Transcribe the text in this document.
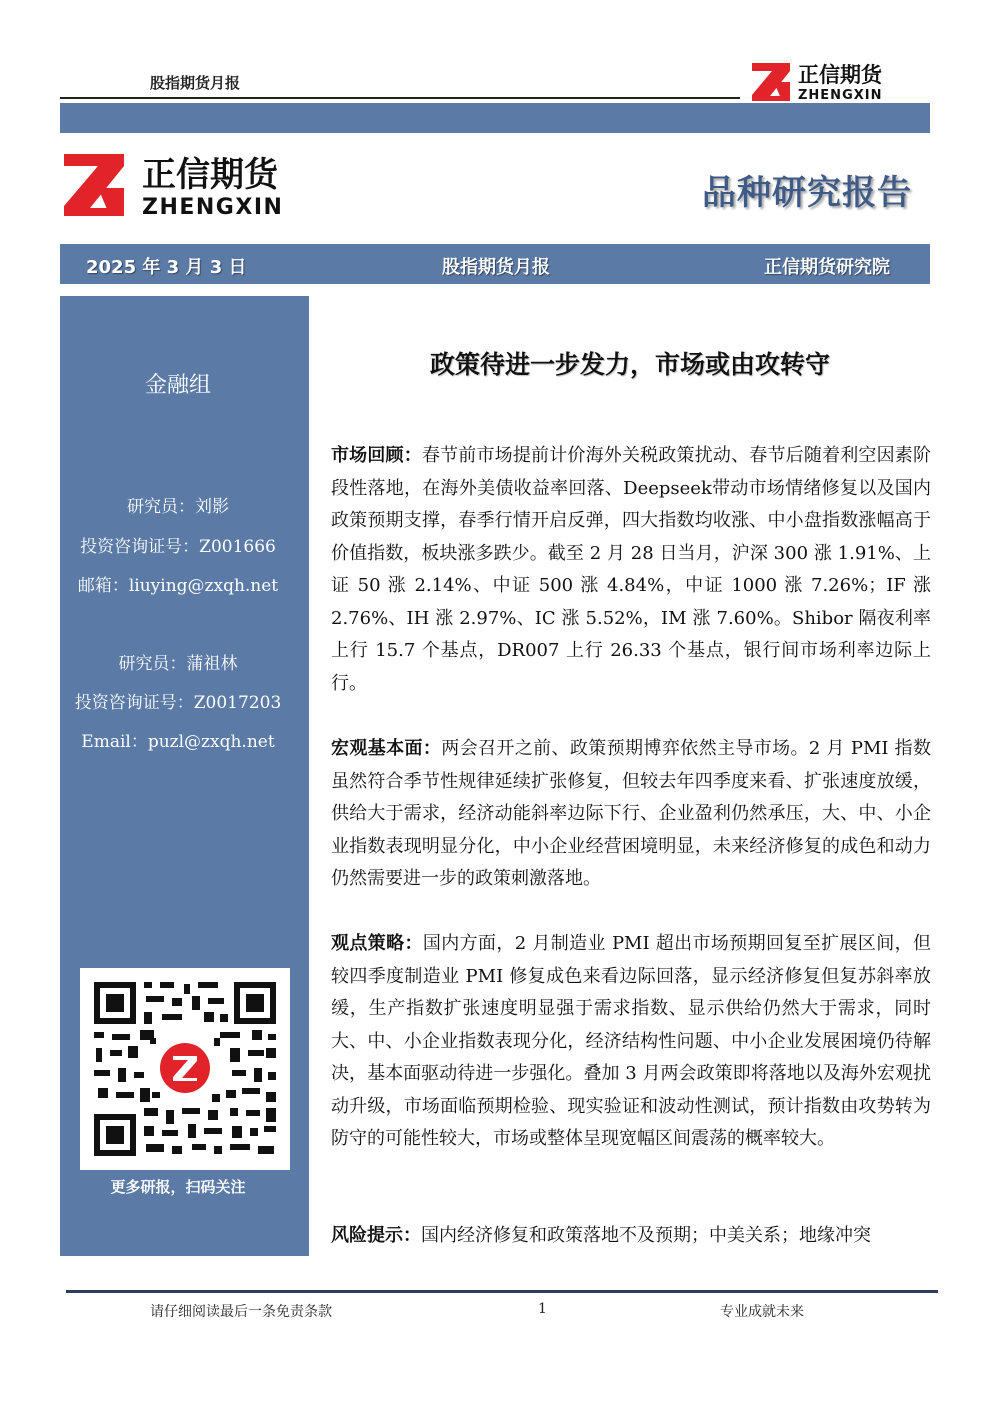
股指期货月报	正信期货
ZHENGXIN
正信期货
ZHENGXIN	品种研究报告
2025 年 3 月 3 日	股指期货月报	正信期货研究院
金融组
研究员：刘影
投资咨询证号：Z001666
邮箱：liuying@zxqh.net
研究员：蒲祖林
投资咨询证号：Z0017203
Email：puzl@zxqh.net
更多研报，扫码关注
政策待进一步发力，市场或由攻转守
市场回顾：春节前市场提前计价海外关税政策扰动、春节后随着利空因素阶段性落地，在海外美债收益率回落、Deepseek带动市场情绪修复以及国内政策预期支撑，春季行情开启反弹，四大指数均收涨、中小盘指数涨幅高于价值指数，板块涨多跌少。截至 2 月 28 日当月，沪深 300 涨 1.91%、上证 50 涨 2.14%、中证 500 涨 4.84%，中证 1000 涨 7.26%；IF 涨 2.76%、IH 涨 2.97%、IC 涨 5.52%，IM 涨 7.60%。Shibor 隔夜利率上行 15.7 个基点，DR007 上行 26.33 个基点，银行间市场利率边际上行。
宏观基本面：两会召开之前、政策预期博弈依然主导市场。2 月 PMI 指数虽然符合季节性规律延续扩张修复，但较去年四季度来看、扩张速度放缓，供给大于需求，经济动能斜率边际下行、企业盈利仍然承压，大、中、小企业指数表现明显分化，中小企业经营困境明显，未来经济修复的成色和动力仍然需要进一步的政策刺激落地。
观点策略：国内方面，2 月制造业 PMI 超出市场预期回复至扩展区间，但较四季度制造业 PMI 修复成色来看边际回落，显示经济修复但复苏斜率放缓，生产指数扩张速度明显强于需求指数、显示供给仍然大于需求，同时大、中、小企业指数表现分化，经济结构性问题、中小企业发展困境仍待解决，基本面驱动待进一步强化。叠加 3 月两会政策即将落地以及海外宏观扰动升级，市场面临预期检验、现实验证和波动性测试，预计指数由攻势转为防守的可能性较大，市场或整体呈现宽幅区间震荡的概率较大。
风险提示：国内经济修复和政策落地不及预期；中美关系；地缘冲突
请仔细阅读最后一条免责条款	1	专业成就未来
